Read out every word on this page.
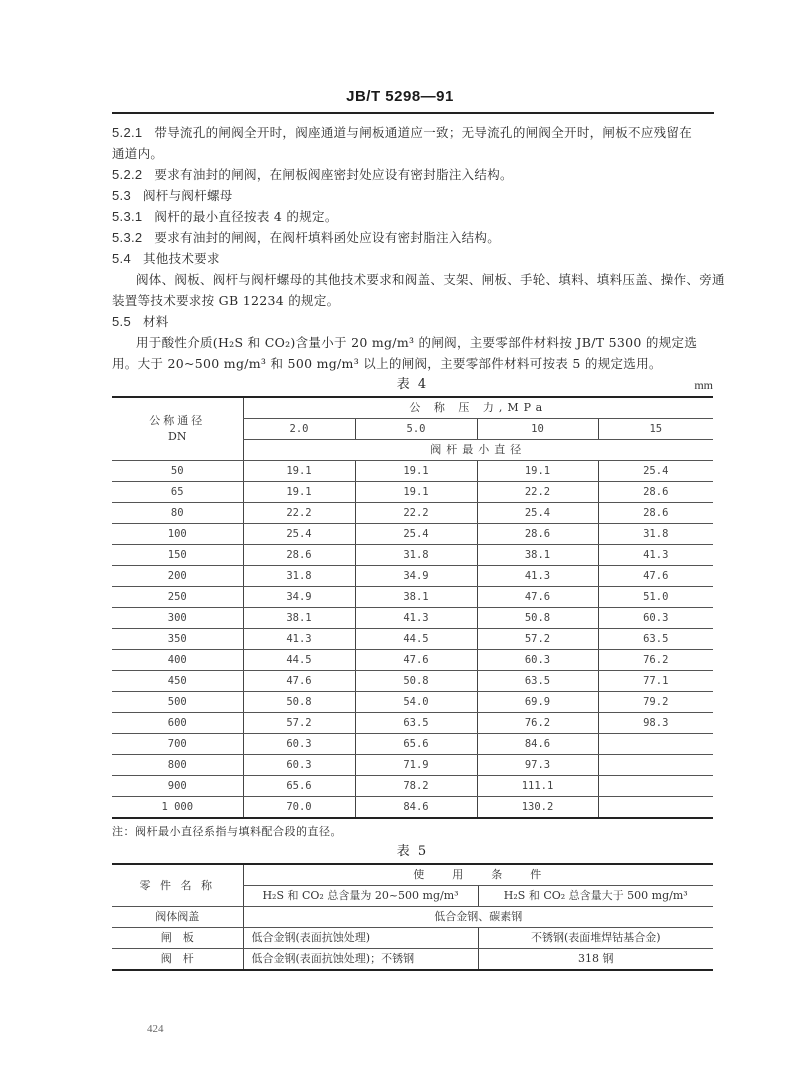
JB/T 5298—91
5.2.1 带导流孔的闸阀全开时，阀座通道与闸板通道应一致；无导流孔的闸阀全开时，闸板不应残留在
通道内。
5.2.2 要求有油封的闸阀，在闸板阀座密封处应设有密封脂注入结构。
5.3 阀杆与阀杆螺母
5.3.1 阀杆的最小直径按表 4 的规定。
5.3.2 要求有油封的闸阀，在阀杆填料函处应设有密封脂注入结构。
5.4 其他技术要求
阀体、阀板、阀杆与阀杆螺母的其他技术要求和阀盖、支架、闸板、手轮、填料、填料压盖、操作、旁通
装置等技术要求按 GB 12234 的规定。
5.5 材料
用于酸性介质(H₂S 和 CO₂)含量小于 20 mg/m³ 的闸阀，主要零部件材料按 JB/T 5300 的规定选
用。大于 20~500 mg/m³ 和 500 mg/m³ 以上的闸阀，主要零部件材料可按表 5 的规定选用。
表 4	mm
公称通径
DN	公 称 压 力,MPa			
	2.0	5.0	10	15
	阀杆最小直径			
50	19.1	19.1	19.1	25.4
65	19.1	19.1	22.2	28.6
80	22.2	22.2	25.4	28.6
100	25.4	25.4	28.6	31.8
150	28.6	31.8	38.1	41.3
200	31.8	34.9	41.3	47.6
250	34.9	38.1	47.6	51.0
300	38.1	41.3	50.8	60.3
350	41.3	44.5	57.2	63.5
400	44.5	47.6	60.3	76.2
450	47.6	50.8	63.5	77.1
500	50.8	54.0	69.9	79.2
600	57.2	63.5	76.2	98.3
700	60.3	65.6	84.6	
800	60.3	71.9	97.3	
900	65.6	78.2	111.1	
1 000	70.0	84.6	130.2	
注：阀杆最小直径系指与填料配合段的直径。
表 5
零 件 名 称	使　　用　　条　　件	
	H₂S 和 CO₂ 总含量为 20~500 mg/m³	H₂S 和 CO₂ 总含量大于 500 mg/m³
阀体阀盖	低合金钢、碳素钢	
闸　板	低合金钢(表面抗蚀处理)	不锈钢(表面堆焊钴基合金)
阀　杆	低合金钢(表面抗蚀处理)；不锈钢	318 钢
424
